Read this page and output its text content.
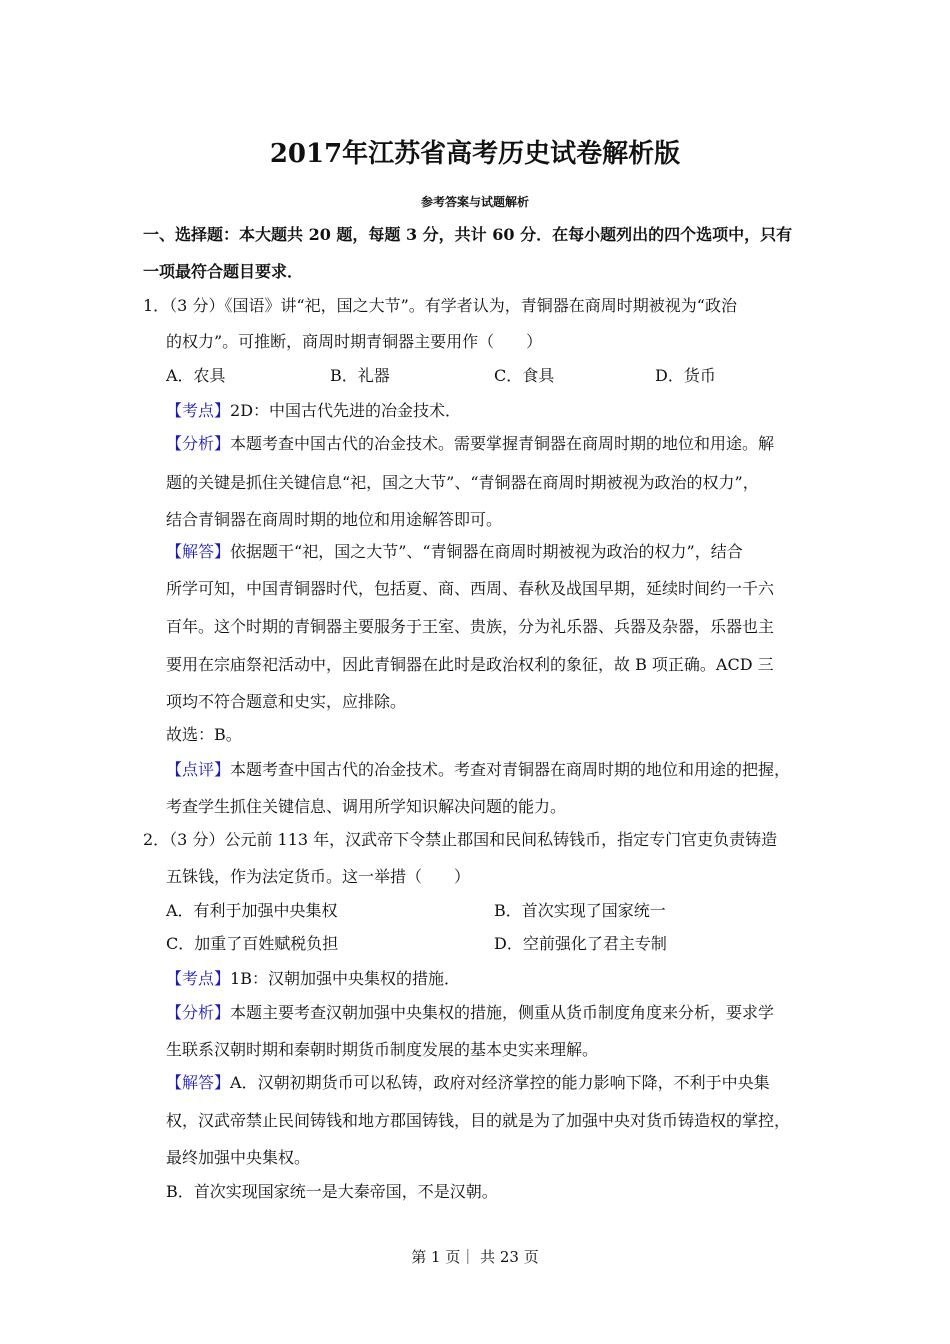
2017年江苏省高考历史试卷解析版
参考答案与试题解析
一、选择题：本大题共 20 题，每题 3 分，共计 60 分．在每小题列出的四个选项中，只有
一项最符合题目要求．
1．（3 分）《国语》讲“祀，国之大节”。有学者认为，青铜器在商周时期被视为“政治
的权力”。可推断，商周时期青铜器主要用作（　　）
A．农具	B．礼器	C．食具	D．货币
【考点】2D：中国古代先进的冶金技术．
【分析】本题考查中国古代的冶金技术。需要掌握青铜器在商周时期的地位和用途。解
题的关键是抓住关键信息“祀，国之大节”、“青铜器在商周时期被视为政治的权力”，
结合青铜器在商周时期的地位和用途解答即可。
【解答】依据题干“祀，国之大节”、“青铜器在商周时期被视为政治的权力”，结合
所学可知，中国青铜器时代，包括夏、商、西周、春秋及战国早期，延续时间约一千六
百年。这个时期的青铜器主要服务于王室、贵族，分为礼乐器、兵器及杂器，乐器也主
要用在宗庙祭祀活动中，因此青铜器在此时是政治权利的象征，故 B 项正确。ACD 三
项均不符合题意和史实，应排除。
故选：B。
【点评】本题考查中国古代的冶金技术。考查对青铜器在商周时期的地位和用途的把握，
考查学生抓住关键信息、调用所学知识解决问题的能力。
2．（3 分）公元前 113 年，汉武帝下令禁止郡国和民间私铸钱币，指定专门官吏负责铸造
五铢钱，作为法定货币。这一举措（　　）
A．有利于加强中央集权	B．首次实现了国家统一
C．加重了百姓赋税负担	D．空前强化了君主专制
【考点】1B：汉朝加强中央集权的措施．
【分析】本题主要考查汉朝加强中央集权的措施，侧重从货币制度角度来分析，要求学
生联系汉朝时期和秦朝时期货币制度发展的基本史实来理解。
【解答】A．汉朝初期货币可以私铸，政府对经济掌控的能力影响下降，不利于中央集
权，汉武帝禁止民间铸钱和地方郡国铸钱，目的就是为了加强中央对货币铸造权的掌控，
最终加强中央集权。
B．首次实现国家统一是大秦帝国，不是汉朝。
第 1 页｜ 共 23 页
